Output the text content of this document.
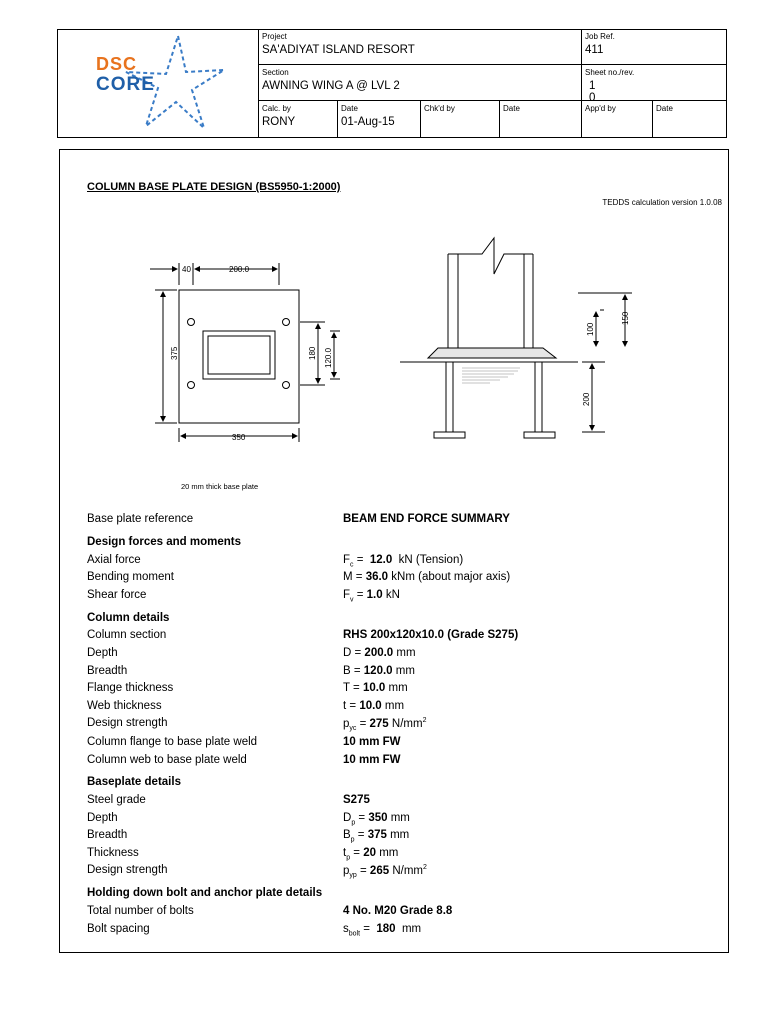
DSC
CORE
Project
SA'ADIYAT ISLAND RESORT
Job Ref.
411
Section
AWNING WING A @ LVL 2
Sheet no./rev.
1 0
Calc. by
RONY
Date
01-Aug-15
Chk'd by	Date	App'd by	Date
COLUMN BASE PLATE DESIGN (BS5950-1:2000)
TEDDS calculation version 1.0.08
40	200.0
375	180 120.0
350
100
150
200
20 mm thick base plate
Base plate reference	BEAM END FORCE SUMMARY
Design forces and moments
Axial force	$F_c = 12.0$ kN (Tension)
Bending moment	M = 36.0 kNm (about major axis)
Shear force	$F_v = 1.0$ kN
Column details
Column section	RHS 200x120x10.0 (Grade S275)
Depth	D = 200.0 mm
Breadth	B = 120.0 mm
Flange thickness	T = 10.0 mm
Web thickness	t = 10.0 mm
Design strength	$p_{yc} = 275$ $N/mm^2$
Column flange to base plate weld	10 mm FW
Column web to base plate weld	10 mm FW
Baseplate details
Steel grade	S275
Depth	$D_p = 350$ mm
Breadth	$B_p = 375$ mm
Thickness	$t_p = 20$ mm
Design strength	$p_{yp} = 265$ $N/mm^2$
Holding down bolt and anchor plate details
Total number of bolts	4 No. M20 Grade 8.8
Bolt spacing	$s_{bolt} = 180$ mm
